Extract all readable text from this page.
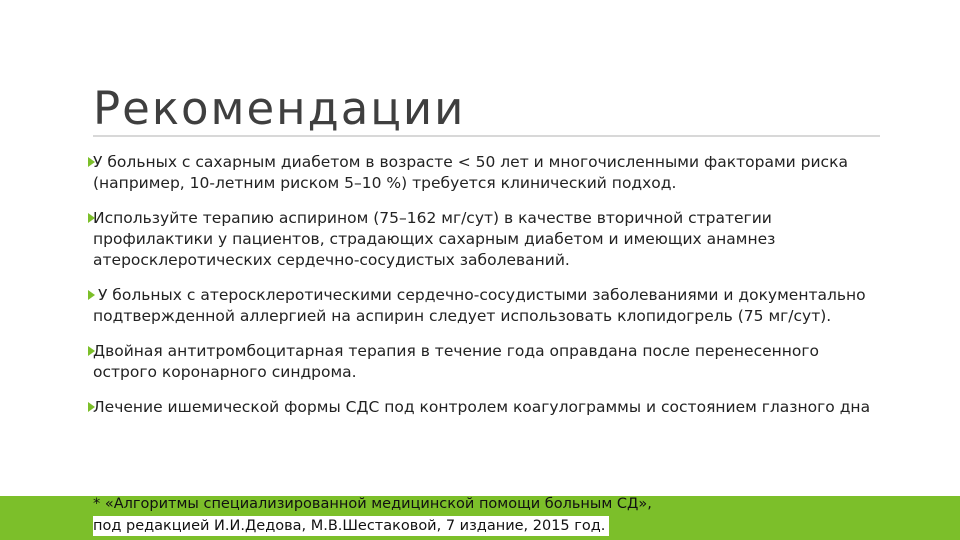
Рекомендации
У больных с сахарным диабетом в возрасте < 50 лет и многочисленными факторами риска (например, 10-летним риском 5–10 %) требуется клинический подход.
Используйте терапию аспирином (75–162 мг/сут) в качестве вторичной стратегии профилактики у пациентов, страдающих сахарным диабетом и имеющих анамнез атеросклеротических сердечно-сосудистых заболеваний.
У больных с атеросклеротическими сердечно-сосудистыми заболеваниями и документально подтвержденной аллергией на аспирин следует использовать клопидогрель (75 мг/сут).
Двойная антитромбоцитарная терапия в течение года оправдана после перенесенного острого коронарного синдрома.
Лечение ишемической формы СДС под контролем коагулограммы и состоянием глазного дна
* «Алгоритмы специализированной медицинской помощи больным СД»,
под редакцией И.И.Дедова, М.В.Шестаковой, 7 издание, 2015 год.
